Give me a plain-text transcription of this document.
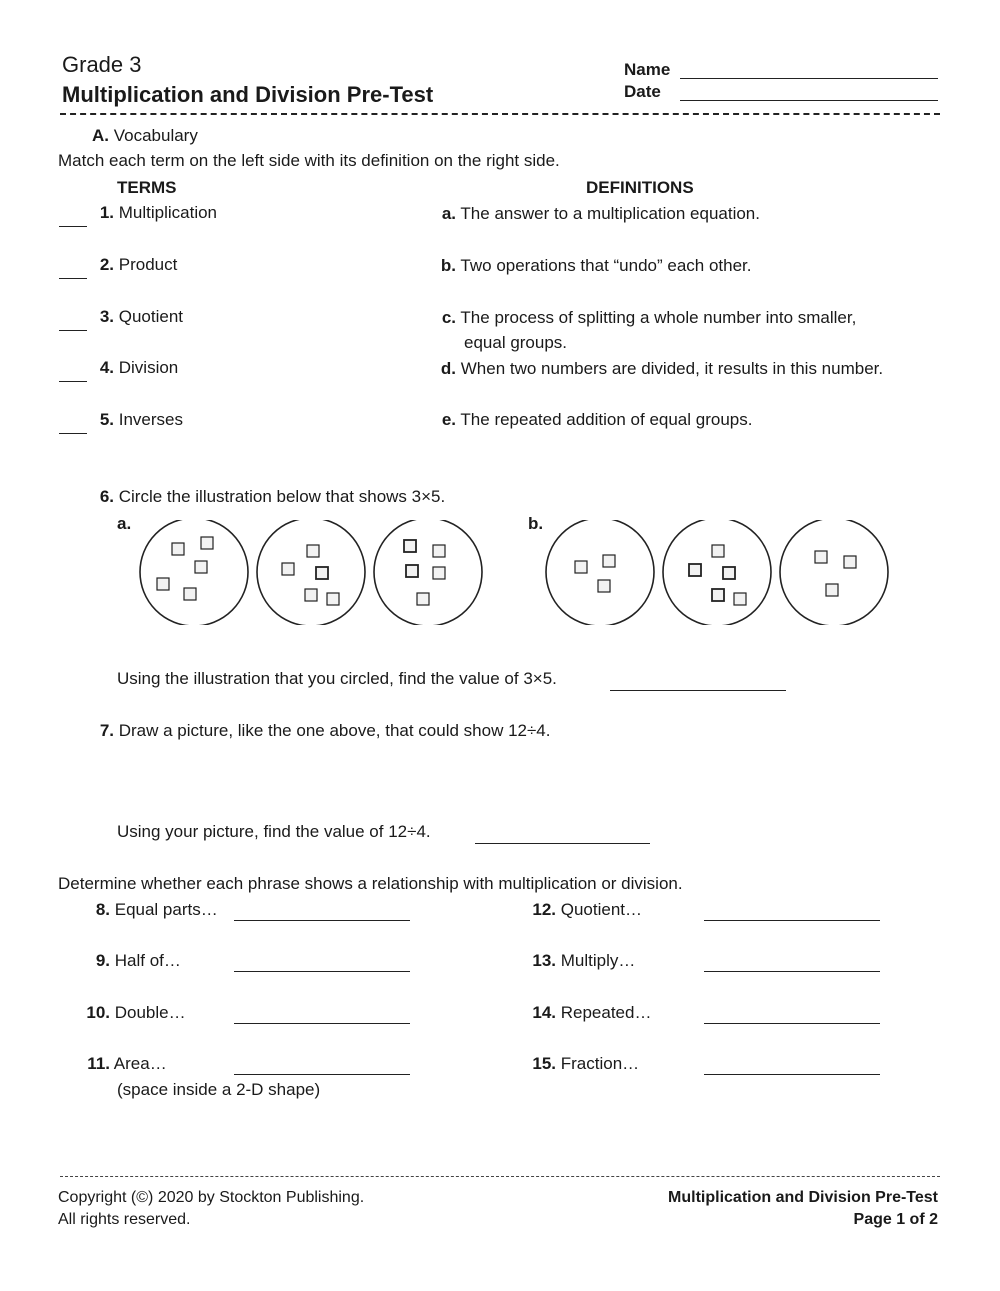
Grade 3
Multiplication and Division Pre-Test
Name
Date
A. Vocabulary
Match each term on the left side with its definition on the right side.
TERMS	DEFINITIONS
1. Multiplication
2. Product
3. Quotient
4. Division
5. Inverses
a. The answer to a multiplication equation.
b. Two operations that “undo” each other.
c. The process of splitting a whole number into smaller,
equal groups.
d. When two numbers are divided, it results in this number.
e. The repeated addition of equal groups.
6. Circle the illustration below that shows 3×5.
a.	b.
Using the illustration that you circled, find the value of 3×5.
7. Draw a picture, like the one above, that could show 12÷4.
Using your picture, find the value of 12÷4.
Determine whether each phrase shows a relationship with multiplication or division.
8. Equal parts…
9. Half of…
10. Double…
11. Area…
(space inside a 2-D shape)
12. Quotient…
13. Multiply…
14. Repeated…
15. Fraction…
Copyright (©) 2020 by Stockton Publishing.
All rights reserved.
Multiplication and Division Pre-Test
Page 1 of 2
